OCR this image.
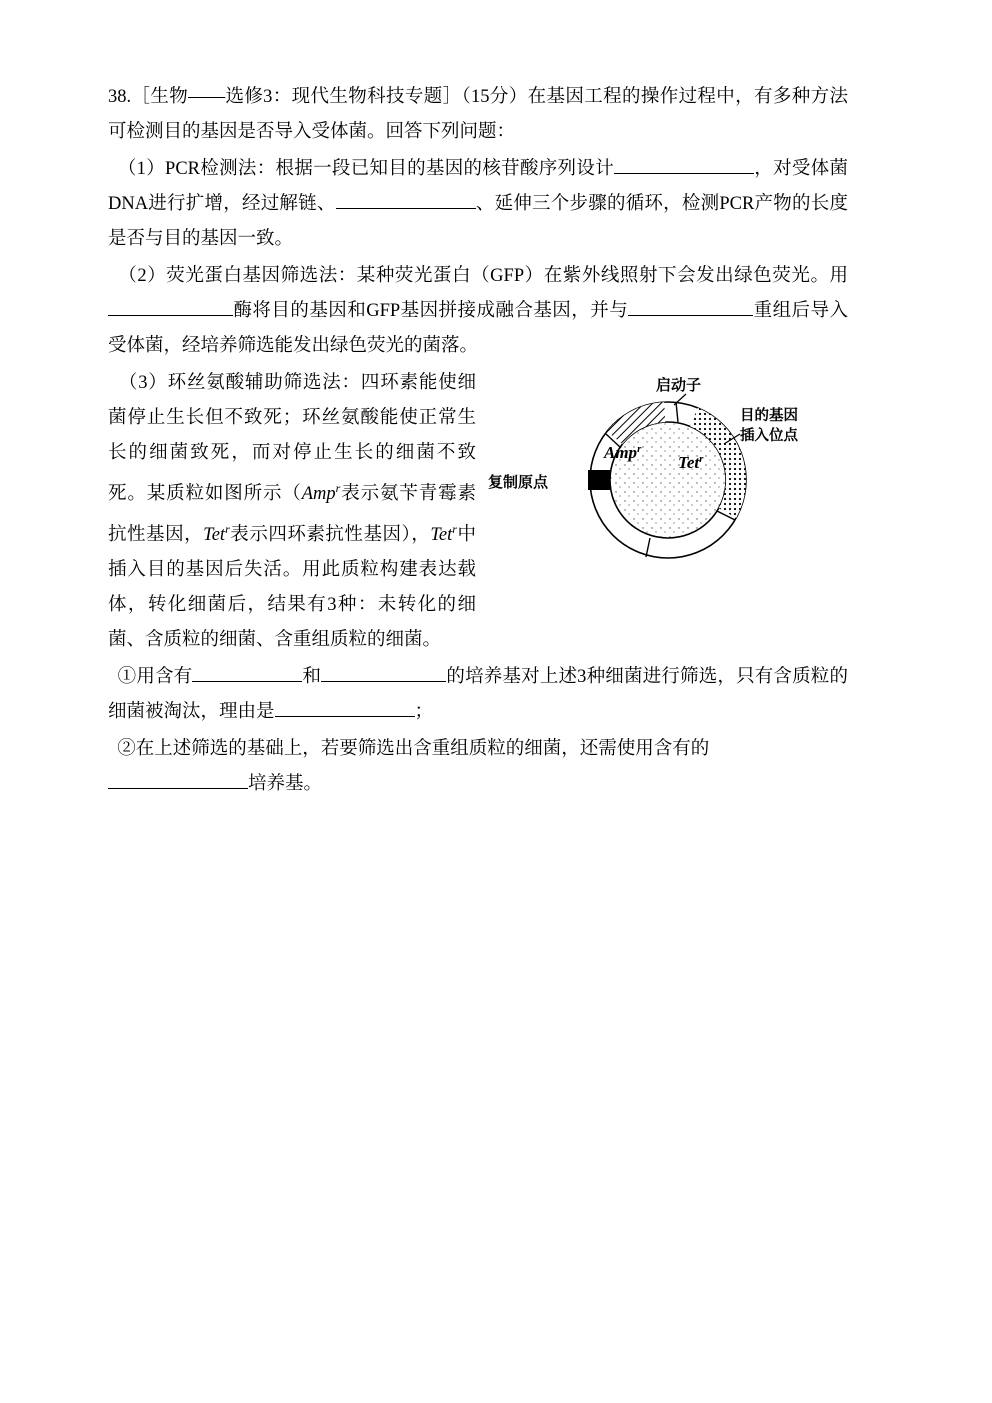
38.［生物——选修3：现代生物科技专题］（15分）在基因工程的操作过程中，有多种方法可检测目的基因是否导入受体菌。回答下列问题：

（1）PCR检测法：根据一段已知目的基因的核苷酸序列设计	，对受体菌DNA进行扩增，经过解链、	、延伸三个步骤的循环，检测PCR产物的长度是否与目的基因一致。

（2）荧光蛋白基因筛选法：某种荧光蛋白（GFP）在紫外线照射下会发出绿色荧光。用酶将目的基因和GFP基因拼接成融合基因，并与	重组后导入受体菌，经培养筛选能发出绿色荧光的菌落。

启动子
目的基因
插入位点
复制原点
Amp$^r$
Tet$^r$

（3）环丝氨酸辅助筛选法：四环素能使细菌停止生长但不致死；环丝氨酸能使正常生长的细菌致死，而对停止生长的细菌不致死。某质粒如图所示（Amp$^r$表示氨苄青霉素抗性基因，Tet$^r$表示四环素抗性基因），Tet$^r$中插入目的基因后失活。用此质粒构建表达载体，转化细菌后，结果有3种：未转化的细菌、含质粒的细菌、含重组质粒的细菌。

①用含有	和	的培养基对上述3种细菌进行筛选，只有含质粒的细菌被淘汰，理由是	；

②在上述筛选的基础上，若要筛选出含重组质粒的细菌，还需使用含有的
培养基。
